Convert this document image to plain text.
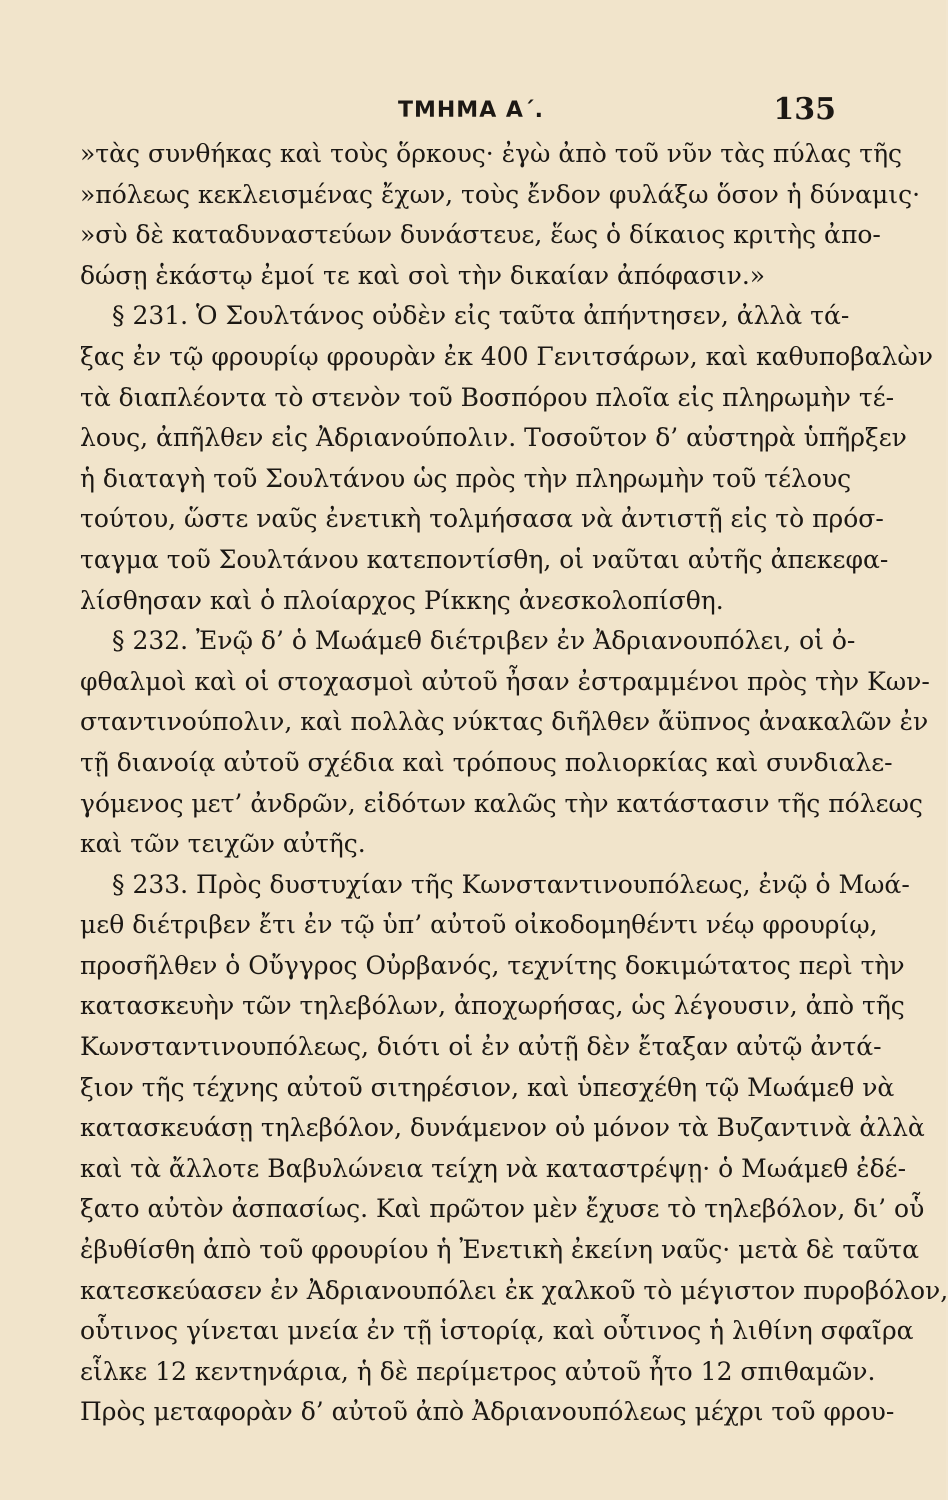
ΤΜΗΜΑ Α΄.	135
»τὰς συνθήκας καὶ τοὺς ὅρκους· ἐγὼ ἀπὸ τοῦ νῦν τὰς πύλας τῆς
»πόλεως κεκλεισμένας ἔχων, τοὺς ἔνδον φυλάξω ὅσον ἡ δύναμις·
»σὺ δὲ καταδυναστεύων δυνάστευε, ἕως ὁ δίκαιος κριτὴς ἀπο-
δώσῃ ἑκάστῳ ἐμοί τε καὶ σοὶ τὴν δικαίαν ἀπόφασιν.»
§ 231. Ὁ Σουλτάνος οὐδὲν εἰς ταῦτα ἀπήντησεν, ἀλλὰ τά-
ξας ἐν τῷ φρουρίῳ φρουρὰν ἐκ 400 Γενιτσάρων, καὶ καθυποβαλὼν
τὰ διαπλέοντα τὸ στενὸν τοῦ Βοσπόρου πλοῖα εἰς πληρωμὴν τέ-
λους, ἀπῆλθεν εἰς Ἀδριανούπολιν. Τοσοῦτον δ’ αὐστηρὰ ὑπῆρξεν
ἡ διαταγὴ τοῦ Σουλτάνου ὡς πρὸς τὴν πληρωμὴν τοῦ τέλους
τούτου, ὥστε ναῦς ἐνετικὴ τολμήσασα νὰ ἀντιστῇ εἰς τὸ πρόσ-
ταγμα τοῦ Σουλτάνου κατεποντίσθη, οἱ ναῦται αὐτῆς ἀπεκεφα-
λίσθησαν καὶ ὁ πλοίαρχος Ρίκκης ἀνεσκολοπίσθη.
§ 232. Ἐνῷ δ’ ὁ Μωάμεθ διέτριβεν ἐν Ἀδριανουπόλει, οἱ ὀ-
φθαλμοὶ καὶ οἱ στοχασμοὶ αὐτοῦ ἦσαν ἐστραμμένοι πρὸς τὴν Κων-
σταντινούπολιν, καὶ πολλὰς νύκτας διῆλθεν ἄϋπνος ἀνακαλῶν ἐν
τῇ διανοίᾳ αὐτοῦ σχέδια καὶ τρόπους πολιορκίας καὶ συνδιαλε-
γόμενος μετ’ ἀνδρῶν, εἰδότων καλῶς τὴν κατάστασιν τῆς πόλεως
καὶ τῶν τειχῶν αὐτῆς.
§ 233. Πρὸς δυστυχίαν τῆς Κωνσταντινουπόλεως, ἐνῷ ὁ Μωά-
μεθ διέτριβεν ἔτι ἐν τῷ ὑπ’ αὐτοῦ οἰκοδομηθέντι νέῳ φρουρίῳ,
προσῆλθεν ὁ Οὔγγρος Οὐρβανός, τεχνίτης δοκιμώτατος περὶ τὴν
κατασκευὴν τῶν τηλεβόλων, ἀποχωρήσας, ὡς λέγουσιν, ἀπὸ τῆς
Κωνσταντινουπόλεως, διότι οἱ ἐν αὐτῇ δὲν ἔταξαν αὐτῷ ἀντά-
ξιον τῆς τέχνης αὐτοῦ σιτηρέσιον, καὶ ὑπεσχέθη τῷ Μωάμεθ νὰ
κατασκευάσῃ τηλεβόλον, δυνάμενον οὐ μόνον τὰ Βυζαντινὰ ἀλλὰ
καὶ τὰ ἄλλοτε Βαβυλώνεια τείχη νὰ καταστρέψῃ· ὁ Μωάμεθ ἐδέ-
ξατο αὐτὸν ἀσπασίως. Καὶ πρῶτον μὲν ἔχυσε τὸ τηλεβόλον, δι’ οὗ
ἐβυθίσθη ἀπὸ τοῦ φρουρίου ἡ Ἐνετικὴ ἐκείνη ναῦς· μετὰ δὲ ταῦτα
κατεσκεύασεν ἐν Ἀδριανουπόλει ἐκ χαλκοῦ τὸ μέγιστον πυροβόλον,
οὗτινος γίνεται μνεία ἐν τῇ ἱστορίᾳ, καὶ οὗτινος ἡ λιθίνη σφαῖρα
εἷλκε 12 κεντηνάρια, ἡ δὲ περίμετρος αὐτοῦ ἦτο 12 σπιθαμῶν.
Πρὸς μεταφορὰν δ’ αὐτοῦ ἀπὸ Ἀδριανουπόλεως μέχρι τοῦ φρου-
